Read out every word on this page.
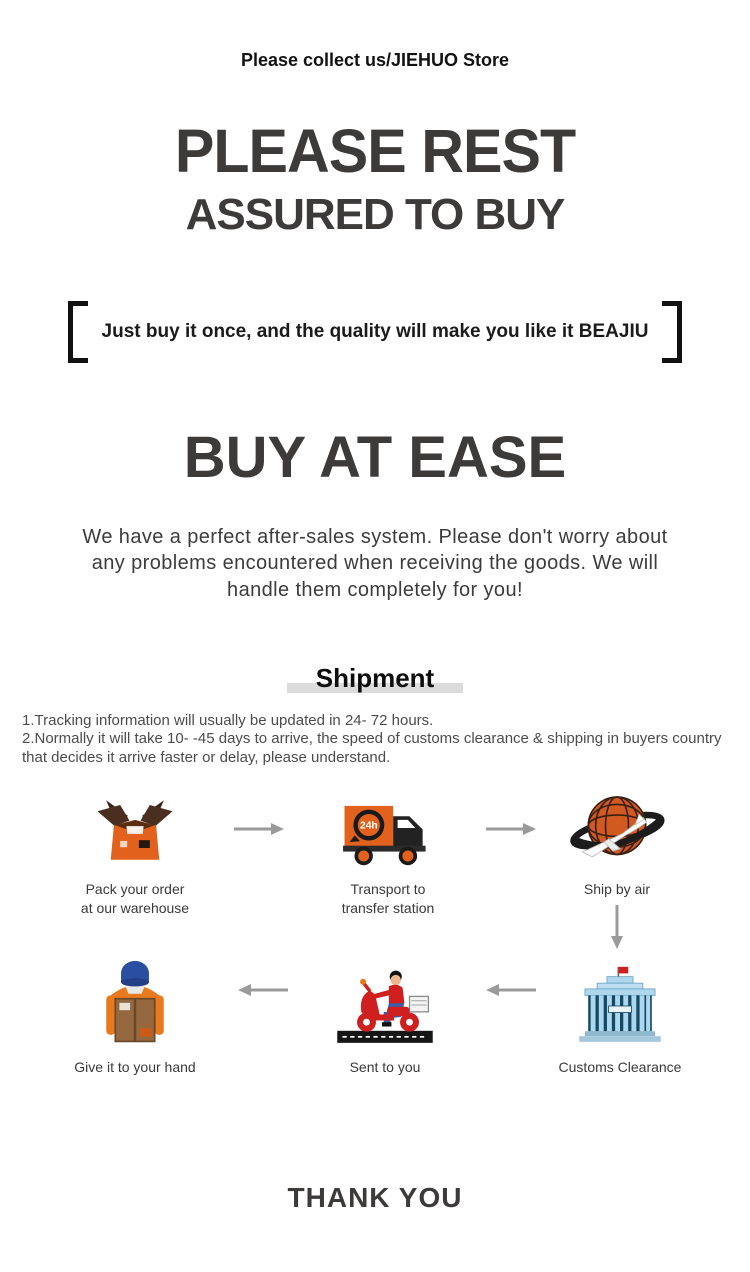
Please collect us/JIEHUO Store
PLEASE REST
ASSURED TO BUY
Just buy it once, and the quality will make you like it BEAJIU
BUY AT EASE
We have a perfect after-sales system. Please don't worry about any problems encountered when receiving the goods. We will handle them completely for you!
Shipment

1.Tracking information will usually be updated in 24- 72 hours.

2.Normally it will take 10- -45 days to arrive, the speed of customs clearance & shipping in buyers country that decides it arrive faster or delay, please understand.

Pack your order
at our warehouse
24h
Transport to
transfer station
Ship by air
Give it to your hand	Sent to you	Customs Clearance
THANK YOU
